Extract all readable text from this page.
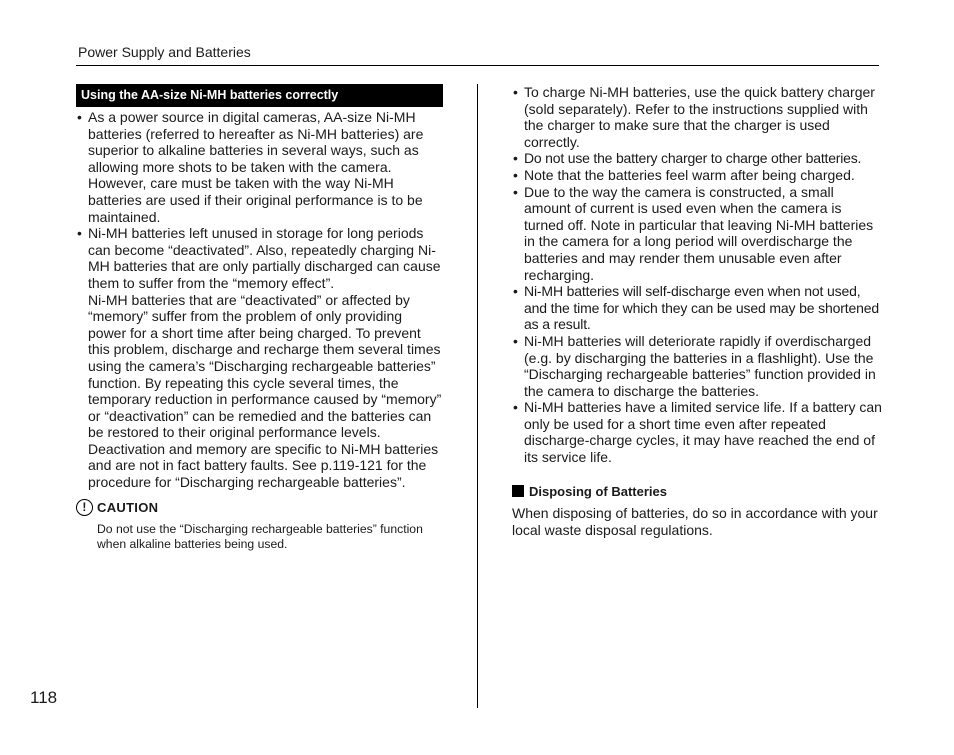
Power Supply and Batteries
Using the AA-size Ni-MH batteries correctly
• As a power source in digital cameras, AA-size Ni-MH batteries (referred to hereafter as Ni-MH batteries) are superior to alkaline batteries in several ways, such as allowing more shots to be taken with the camera. However, care must be taken with the way Ni-MH batteries are used if their original performance is to be maintained.
• Ni-MH batteries left unused in storage for long periods can become “deactivated”. Also, repeatedly charging Ni-MH batteries that are only partially discharged can cause them to suffer from the “memory effect”.
Ni-MH batteries that are “deactivated” or affected by “memory” suffer from the problem of only providing power for a short time after being charged. To prevent this problem, discharge and recharge them several times using the camera’s “Discharging rechargeable batteries” function. By repeating this cycle several times, the temporary reduction in performance caused by “memory” or “deactivation” can be remedied and the batteries can be restored to their original performance levels.
Deactivation and memory are specific to Ni-MH batteries and are not in fact battery faults. See p.119-121 for the procedure for “Discharging rechargeable batteries”.
! CAUTION
Do not use the “Discharging rechargeable batteries” function when alkaline batteries being used.
• To charge Ni-MH batteries, use the quick battery charger (sold separately). Refer to the instructions supplied with the charger to make sure that the charger is used correctly.
• Do not use the battery charger to charge other batteries.
• Note that the batteries feel warm after being charged.
• Due to the way the camera is constructed, a small amount of current is used even when the camera is turned off. Note in particular that leaving Ni-MH batteries in the camera for a long period will overdischarge the batteries and may render them unusable even after recharging.
• Ni-MH batteries will self-discharge even when not used, and the time for which they can be used may be shortened as a result.
• Ni-MH batteries will deteriorate rapidly if overdischarged (e.g. by discharging the batteries in a flashlight). Use the “Discharging rechargeable batteries” function provided in the camera to discharge the batteries.
• Ni-MH batteries have a limited service life. If a battery can only be used for a short time even after repeated discharge-charge cycles, it may have reached the end of its service life.
Disposing of Batteries
When disposing of batteries, do so in accordance with your local waste disposal regulations.
118
